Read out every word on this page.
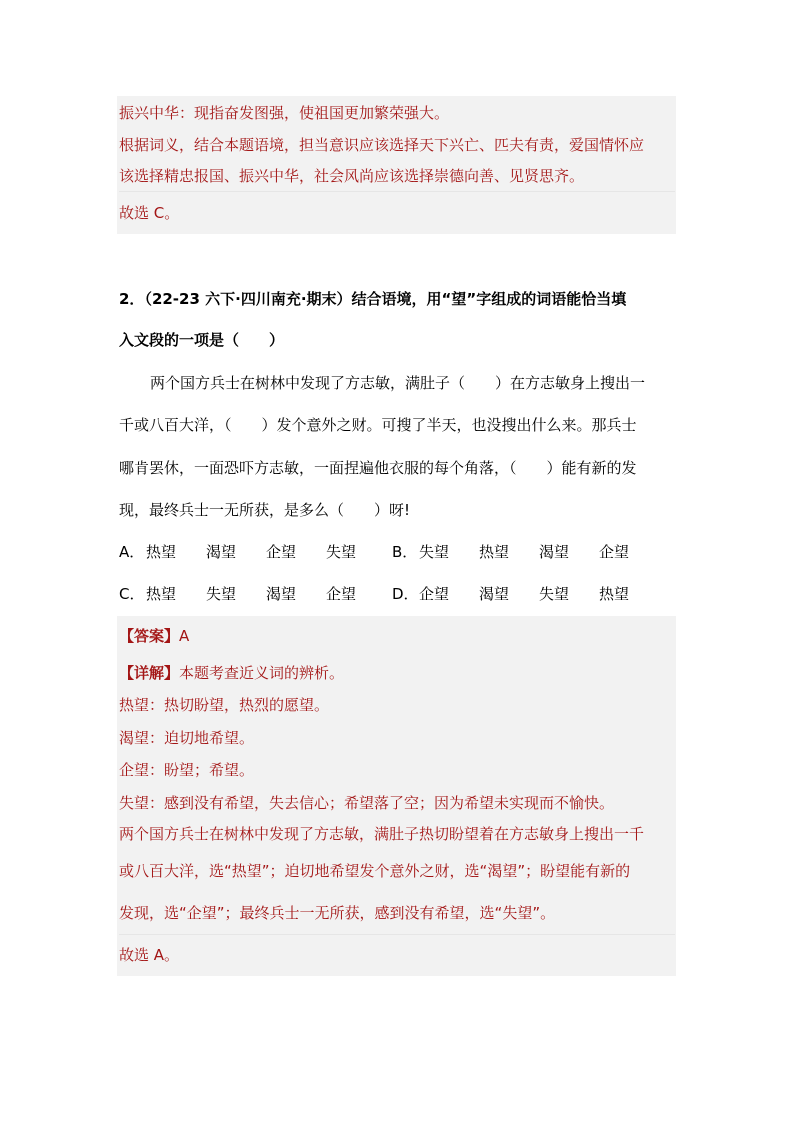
振兴中华：现指奋发图强，使祖国更加繁荣强大。
根据词义，结合本题语境，担当意识应该选择天下兴亡、匹夫有责，爱国情怀应
该选择精忠报国、振兴中华，社会风尚应该选择崇德向善、见贤思齐。
故选 C。
2．（22-23 六下·四川南充·期末）结合语境，用“望”字组成的词语能恰当填
入文段的一项是（　　）
两个国方兵士在树林中发现了方志敏，满肚子（　　）在方志敏身上搜出一
千或八百大洋，（　　）发个意外之财。可搜了半天，也没搜出什么来。那兵士
哪肯罢休，一面恐吓方志敏，一面捏遍他衣服的每个角落，（　　）能有新的发
现，最终兵士一无所获，是多么（　　）呀!
A． 热望 渴望 企望 失望	B． 失望 热望 渴望 企望
C． 热望 失望 渴望 企望	D．企望 渴望 失望 热望
【答案】A
【详解】本题考查近义词的辨析。
热望：热切盼望，热烈的愿望。
渴望：迫切地希望。
企望：盼望；希望。
失望：感到没有希望，失去信心；希望落了空；因为希望未实现而不愉快。
两个国方兵士在树林中发现了方志敏，满肚子热切盼望着在方志敏身上搜出一千
或八百大洋，选“热望”；迫切地希望发个意外之财，选“渴望”；盼望能有新的
发现，选“企望”；最终兵士一无所获，感到没有希望，选“失望”。
故选 A。
